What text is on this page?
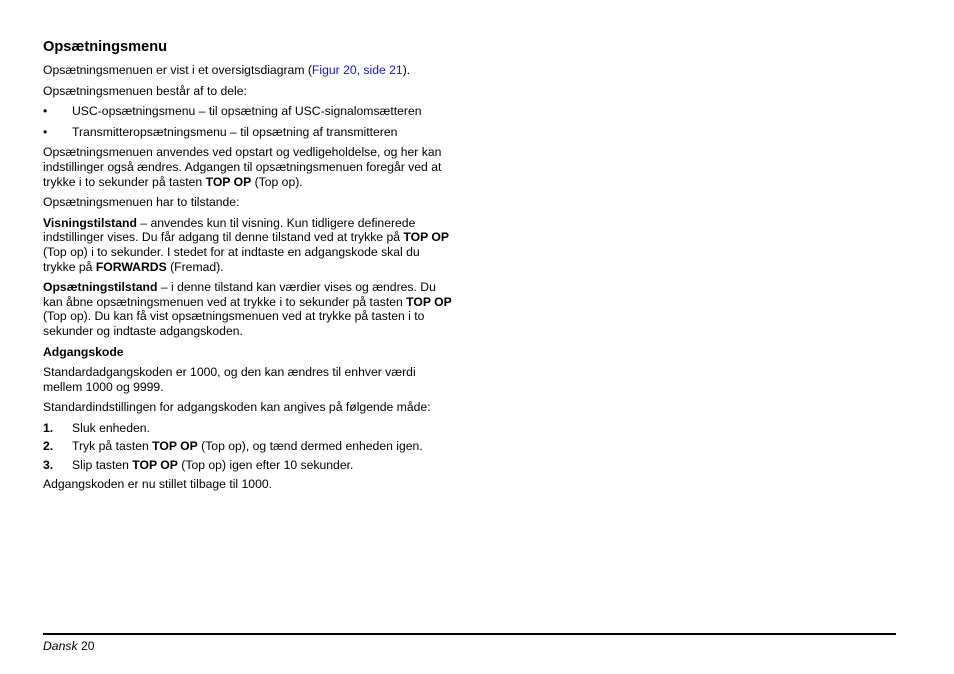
Opsætningsmenu

Opsætningsmenuen er vist i et oversigtsdiagram (Figur 20, side 21).

Opsætningsmenuen består af to dele:

• USC-opsætningsmenu – til opsætning af USC-signalomsætteren
• Transmitteropsætningsmenu – til opsætning af transmitteren

Opsætningsmenuen anvendes ved opstart og vedligeholdelse, og her kan indstillinger også ændres. Adgangen til opsætningsmenuen foregår ved at trykke i to sekunder på tasten TOP OP (Top op).

Opsætningsmenuen har to tilstande:

Visningstilstand – anvendes kun til visning. Kun tidligere definerede indstillinger vises. Du får adgang til denne tilstand ved at trykke på TOP OP (Top op) i to sekunder. I stedet for at indtaste en adgangskode skal du trykke på FORWARDS (Fremad).

Opsætningstilstand – i denne tilstand kan værdier vises og ændres. Du kan åbne opsætningsmenuen ved at trykke i to sekunder på tasten TOP OP (Top op). Du kan få vist opsætningsmenuen ved at trykke på tasten i to sekunder og indtaste adgangskoden.

Adgangskode

Standardadgangskoden er 1000, og den kan ændres til enhver værdi mellem 1000 og 9999.

Standardindstillingen for adgangskoden kan angives på følgende måde:

1. Sluk enheden.
2. Tryk på tasten TOP OP (Top op), og tænd dermed enheden igen.
3. Slip tasten TOP OP (Top op) igen efter 10 sekunder.

Adgangskoden er nu stillet tilbage til 1000.

Dansk 20
